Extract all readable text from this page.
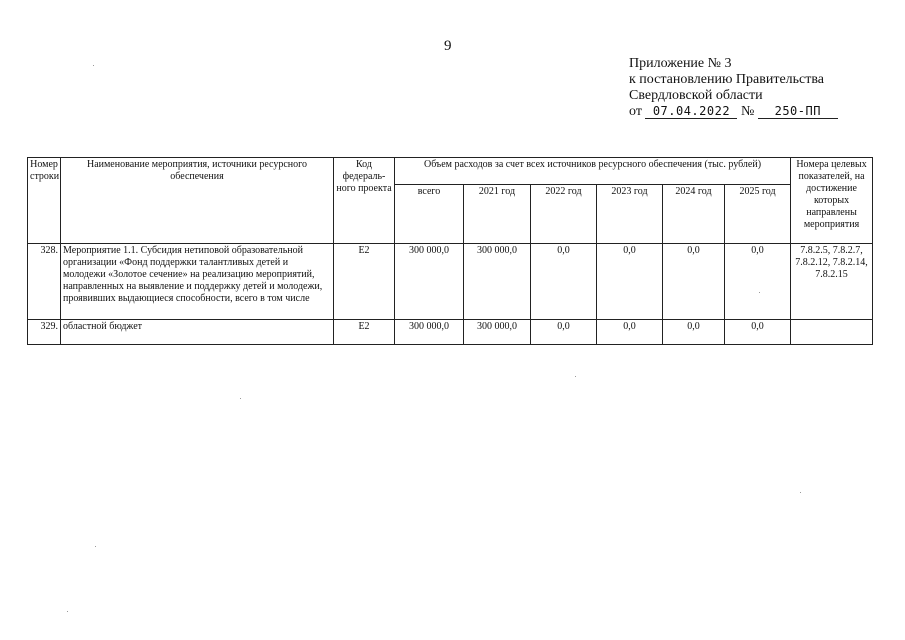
9
Приложение № 3
к постановлению Правительства
Свердловской области
от 07.04.2022 № 250-ПП
Номер строки	Наименование мероприятия, источники ресурсного обеспечения	Код федераль-ного проекта	Объем расходов за счет всех источников ресурсного обеспечения (тыс. рублей)						Номера целевых показателей, на достижение которых направлены мероприятия
			всего	2021 год	2022 год	2023 год	2024 год	2025 год	
328.	Мероприятие 1.1. Субсидия нетиповой образовательной организации «Фонд поддержки талантливых детей и молодежи «Золотое сечение» на реализацию мероприятий, направленных на выявление и поддержку детей и молодежи, проявивших выдающиеся способности, всего в том числе	Е2	300 000,0	300 000,0	0,0	0,0	0,0	0,0	7.8.2.5, 7.8.2.7, 7.8.2.12, 7.8.2.14, 7.8.2.15
329.	областной бюджет	Е2	300 000,0	300 000,0	0,0	0,0	0,0	0,0	
